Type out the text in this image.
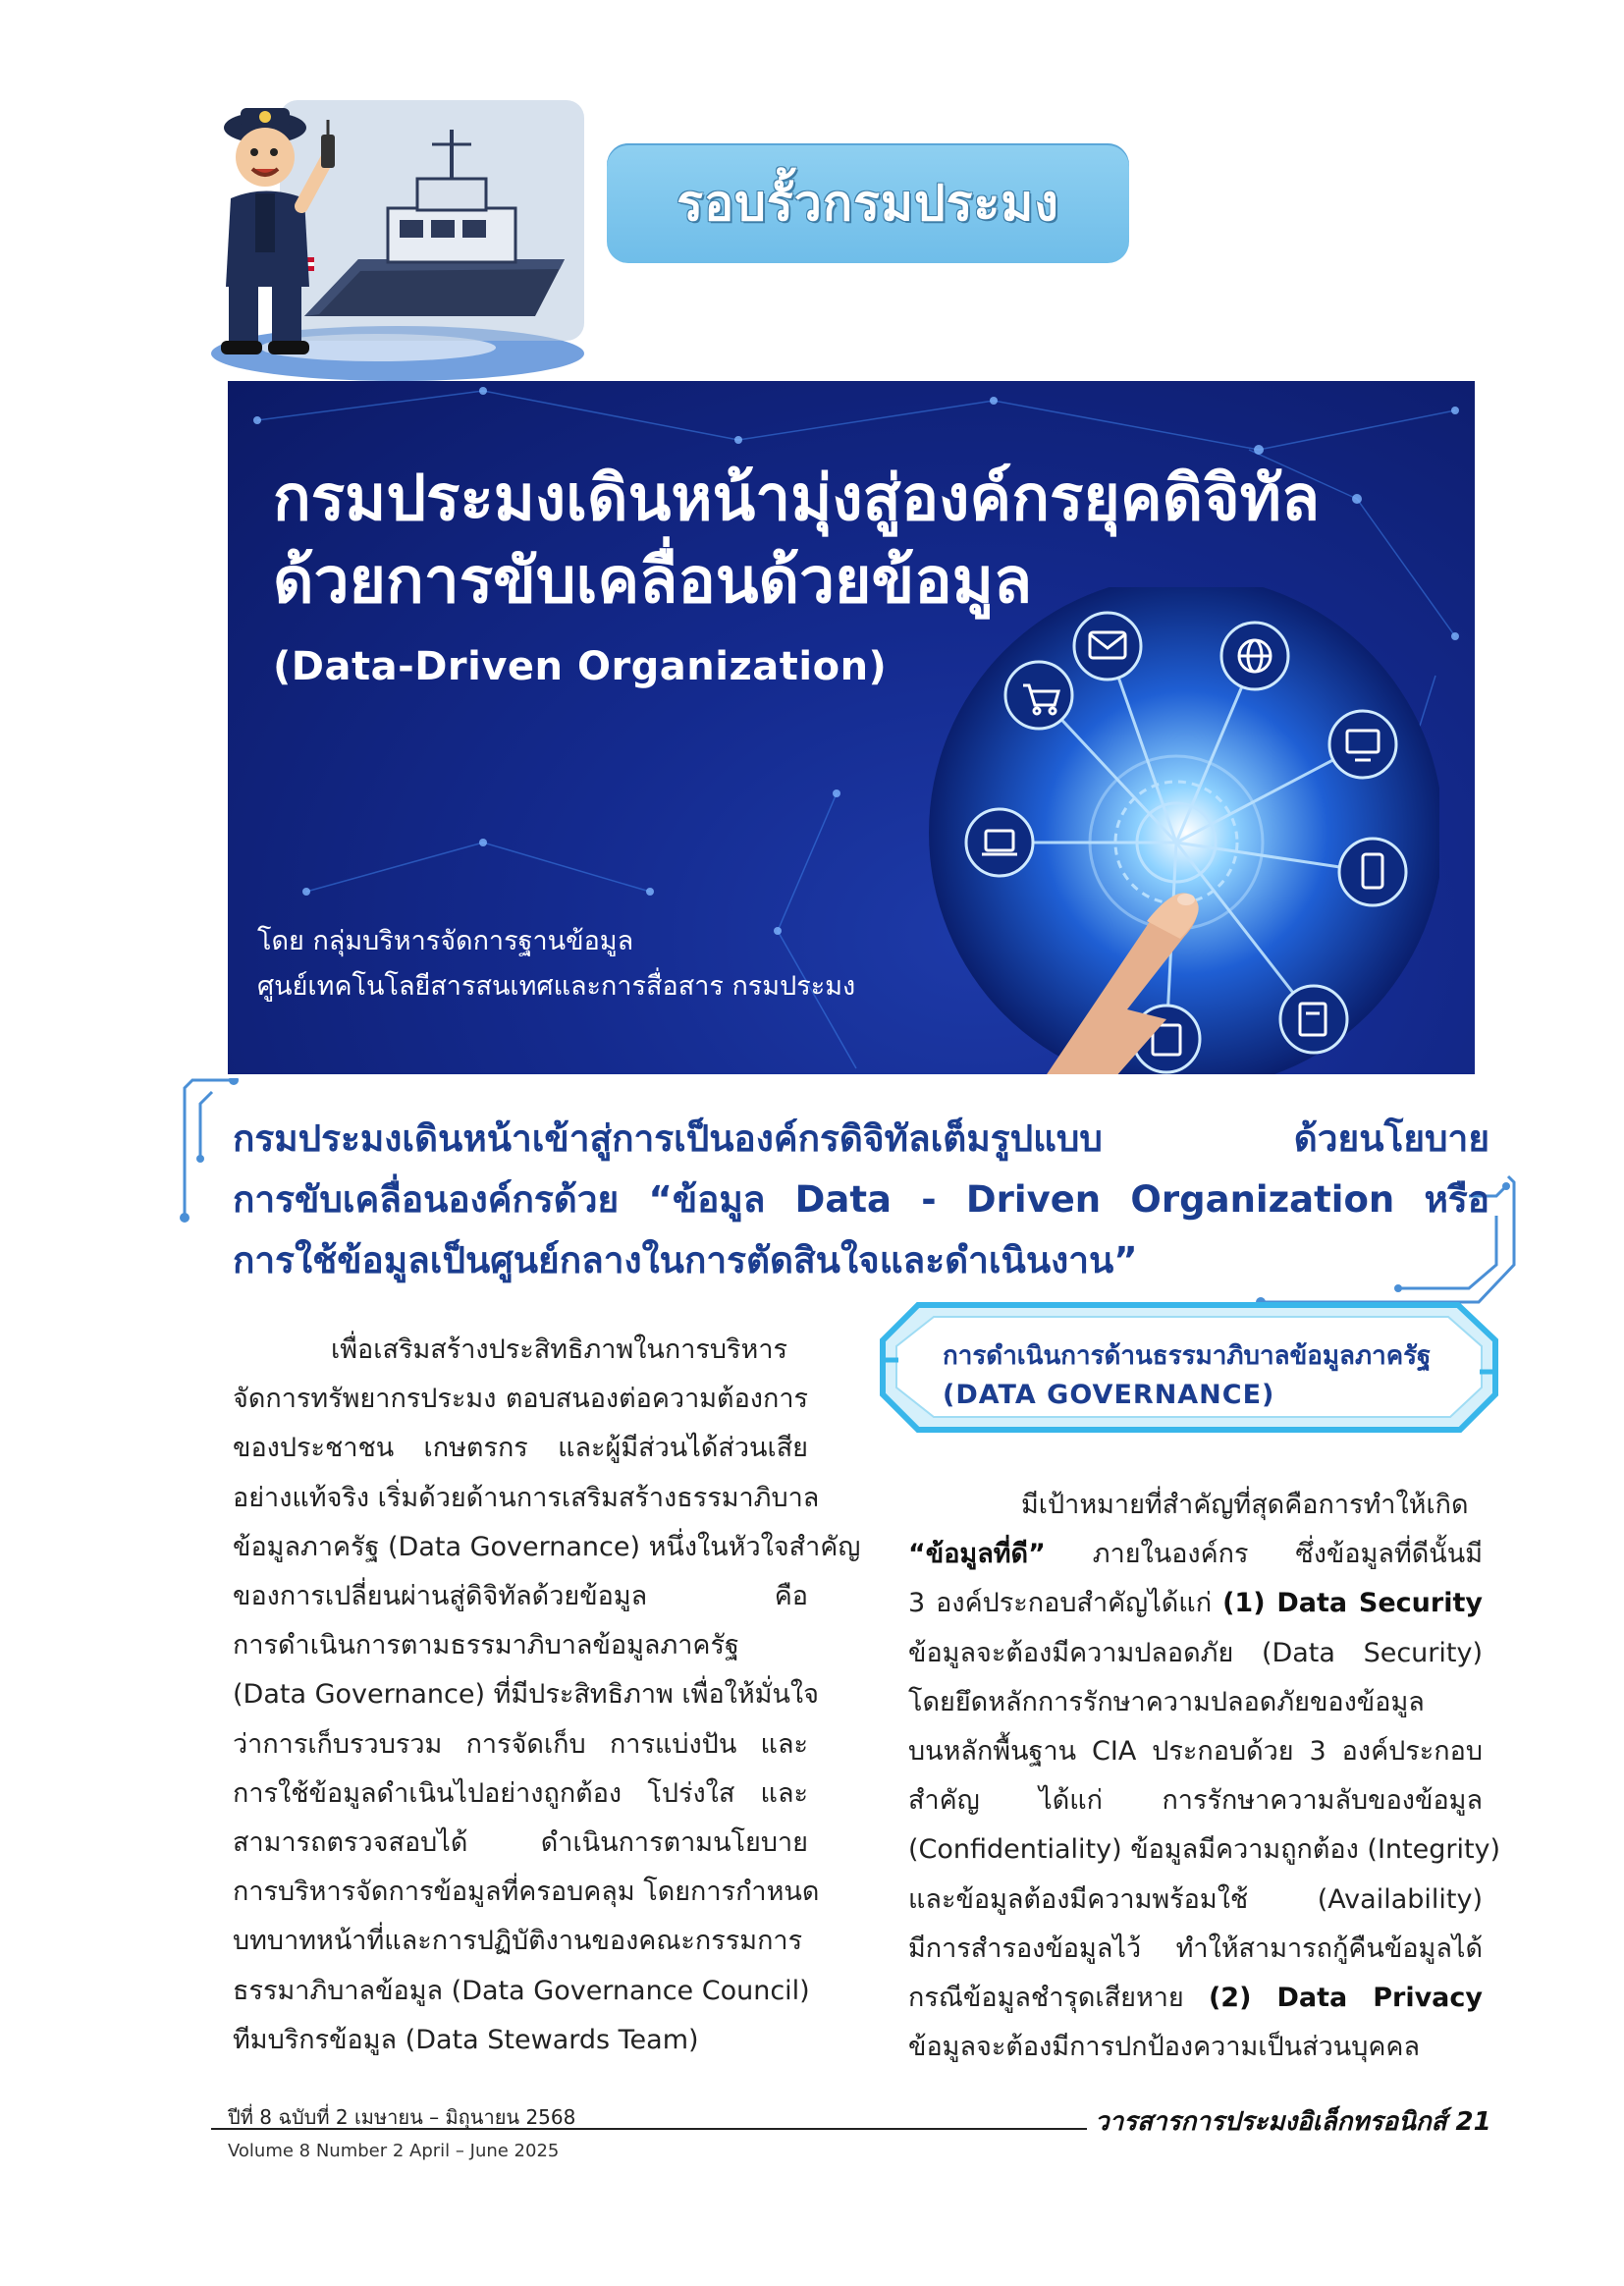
รอบรั้วกรมประมง
กรมประมงเดินหน้ามุ่งสู่องค์กรยุคดิจิทัล
ด้วยการขับเคลื่อนด้วยข้อมูล
(Data-Driven Organization)
โดย กลุ่มบริหารจัดการฐานข้อมูล
ศูนย์เทคโนโลยีสารสนเทศและการสื่อสาร กรมประมง
กรมประมงเดินหน้าเข้าสู่การเป็นองค์กรดิจิทัลเต็มรูปแบบ ด้วยนโยบาย
การขับเคลื่อนองค์กรด้วย “ข้อมูล Data - Driven Organization หรือ
การใช้ข้อมูลเป็นศูนย์กลางในการตัดสินใจและดำเนินงาน”

เพื่อเสริมสร้างประสิทธิภาพในการบริหาร

จัดการทรัพยากรประมง ตอบสนองต่อความต้องการ

ของประชาชน เกษตรกร และผู้มีส่วนได้ส่วนเสีย

อย่างแท้จริง เริ่มด้วยด้านการเสริมสร้างธรรมาภิบาล

ข้อมูลภาครัฐ (Data Governance) หนึ่งในหัวใจสำคัญ

ของการเปลี่ยนผ่านสู่ดิจิทัลด้วยข้อมูล คือ

การดำเนินการตามธรรมาภิบาลข้อมูลภาครัฐ

(Data Governance) ที่มีประสิทธิภาพ เพื่อให้มั่นใจ

ว่าการเก็บรวบรวม การจัดเก็บ การแบ่งปัน และ

การใช้ข้อมูลดำเนินไปอย่างถูกต้อง โปร่งใส และ

สามารถตรวจสอบได้ ดำเนินการตามนโยบาย

การบริหารจัดการข้อมูลที่ครอบคลุม โดยการกำหนด

บทบาทหน้าที่และการปฏิบัติงานของคณะกรรมการ

ธรรมาภิบาลข้อมูล (Data Governance Council)

ทีมบริกรข้อมูล (Data Stewards Team)

การดำเนินการด้านธรรมาภิบาลข้อมูลภาครัฐ
(DATA GOVERNANCE)

มีเป้าหมายที่สำคัญที่สุดคือการทำให้เกิด

“ข้อมูลที่ดี” ภายในองค์กร ซึ่งข้อมูลที่ดีนั้นมี

3 องค์ประกอบสำคัญได้แก่ (1) Data Security

ข้อมูลจะต้องมีความปลอดภัย (Data Security)

โดยยึดหลักการรักษาความปลอดภัยของข้อมูล

บนหลักพื้นฐาน CIA ประกอบด้วย 3 องค์ประกอบ

สำคัญ ได้แก่ การรักษาความลับของข้อมูล

(Confidentiality) ข้อมูลมีความถูกต้อง (Integrity)

และข้อมูลต้องมีความพร้อมใช้ (Availability)

มีการสำรองข้อมูลไว้ ทำให้สามารถกู้คืนข้อมูลได้

กรณีข้อมูลชำรุดเสียหาย (2) Data Privacy

ข้อมูลจะต้องมีการปกป้องความเป็นส่วนบุคคล

ปีที่ 8 ฉบับที่ 2 เมษายน – มิถุนายน 2568
Volume 8 Number 2 April – June 2025
วารสารการประมงอิเล็กทรอนิกส์ 21
